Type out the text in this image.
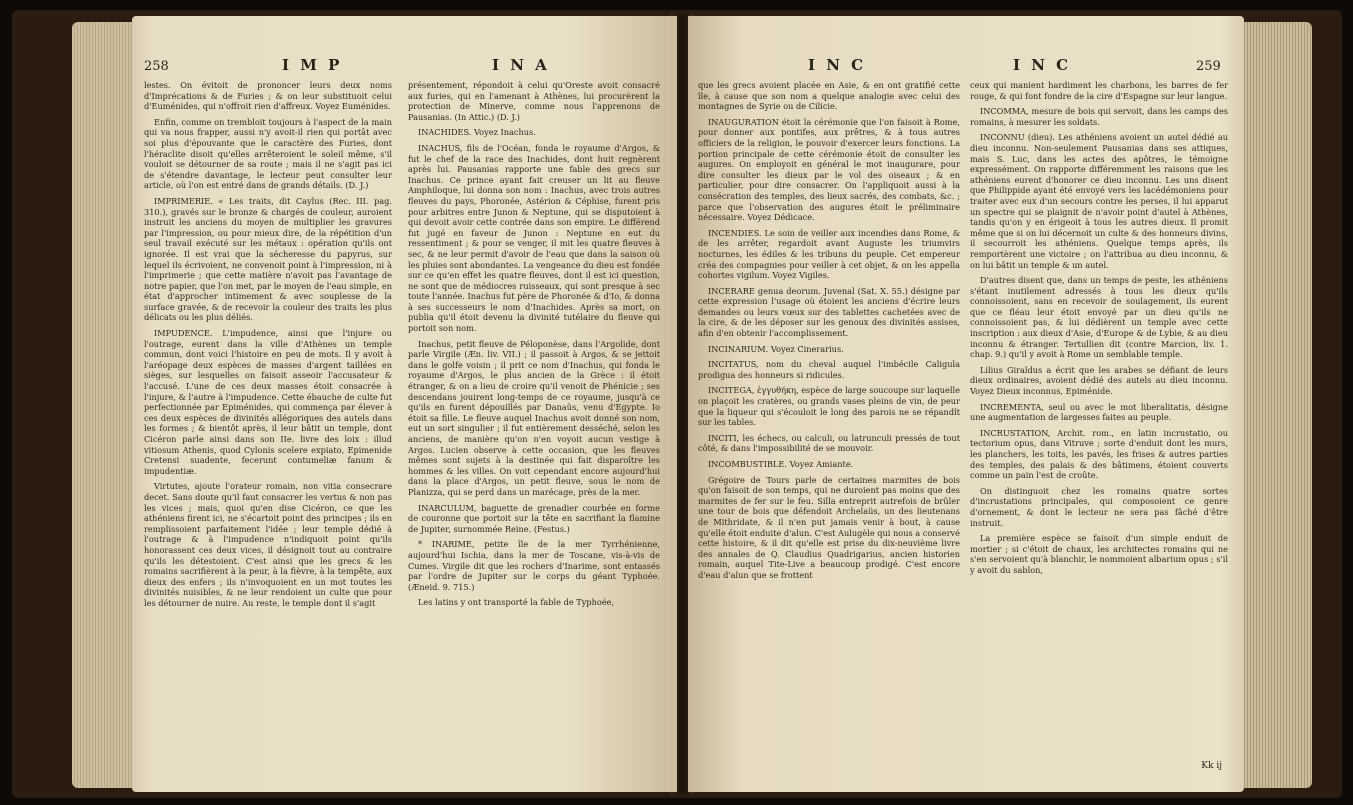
258	I M P	I N A

lestes. On évitoit de prononcer leurs deux noms d'Imprécations & de Furies ; & on leur substituoit celui d'Euménides, qui n'offroit rien d'affreux. Voyez Euménides.

Enfin, comme on trembloit toujours à l'aspect de la main qui va nous frapper, aussi n'y avoit-il rien qui portât avec soi plus d'épouvante que le caractère des Furies, dont l'héraclite disoit qu'elles arrêteroient le soleil même, s'il vouloit se détourner de sa route ; mais il ne s'agit pas ici de s'étendre davantage, le lecteur peut consulter leur article, où l'on est entré dans de grands détails. (D. J.)

IMPRIMERIE. « Les traits, dit Caylus (Rec. III. pag. 310.), gravés sur le bronze & chargés de couleur, auroient instruit les anciens du moyen de multiplier les gravures par l'impression, ou pour mieux dire, de la répétition d'un seul travail exécuté sur les métaux : opération qu'ils ont ignorée. Il est vrai que la sécheresse du papyrus, sur lequel ils écrivoient, ne convenoit point à l'impression, ni à l'imprimerie ; que cette matière n'avoit pas l'avantage de notre papier, que l'on met, par le moyen de l'eau simple, en état d'approcher intimement & avec souplesse de la surface gravée, & de recevoir la couleur des traits les plus délicats ou les plus déliés.

IMPUDENCE. L'impudence, ainsi que l'injure ou l'outrage, eurent dans la ville d'Athènes un temple commun, dont voici l'histoire en peu de mots. Il y avoit à l'aréopage deux espèces de masses d'argent taillées en sièges, sur lesquelles on faisoit asseoir l'accusateur & l'accusé. L'une de ces deux masses étoit consacrée à l'injure, & l'autre à l'impudence. Cette ébauche de culte fut perfectionnée par Epiménides, qui commença par élever à ces deux espèces de divinités allégoriques des autels dans les formes ; & bientôt après, il leur bâtit un temple, dont Cicéron parle ainsi dans son IIe. livre des loix : illud vitiosum Athenis, quod Cylonis scelere expiato, Epimenide Cretensi suadente, fecerunt contumeliæ fanum & impudentiæ.

Virtutes, ajoute l'orateur romain, non vitia consecrare decet. Sans doute qu'il faut consacrer les vertus & non pas les vices ; mais, quoi qu'en dise Cicéron, ce que les athéniens firent ici, ne s'écartoit point des principes ; ils en remplissoient parfaitement l'idée ; leur temple dédié à l'outrage & à l'impudence n'indiquoit point qu'ils honorassent ces deux vices, il désignoit tout au contraire qu'ils les détestoient. C'est ainsi que les grecs & les romains sacrifièrent à la peur, à la fièvre, à la tempête, aux dieux des enfers ; ils n'invoquoient en un mot toutes les divinités nuisibles, & ne leur rendoient un culte que pour les détourner de nuire. Au reste, le temple dont il s'agit

présentement, répondoit à celui qu'Oreste avoit consacré aux furies, qui en l'amenant à Athènes, lui procurèrent la protection de Minerve, comme nous l'apprenons de Pausanias. (In Attic.) (D. J.)

INACHIDES. Voyez Inachus.

INACHUS, fils de l'Océan, fonda le royaume d'Argos, & fut le chef de la race des Inachides, dont huit regnèrent après lui. Pausanias rapporte une fable des grecs sur Inachus. Ce prince ayant fait creuser un lit au fleuve Amphiloque, lui donna son nom : Inachus, avec trois autres fleuves du pays, Phoronée, Astérion & Céphise, furent pris pour arbitres entre Junon & Neptune, qui se disputoient à qui devoit avoir cette contrée dans son empire. Le différend fut jugé en faveur de Junon : Neptune en eut du ressentiment ; & pour se venger, il mit les quatre fleuves à sec, & ne leur permit d'avoir de l'eau que dans la saison où les pluies sont abondantes. La vengeance du dieu est fondée sur ce qu'en effet les quatre fleuves, dont il est ici question, ne sont que de médiocres ruisseaux, qui sont presque à sec toute l'année. Inachus fut père de Phoronée & d'Io, & donna à ses successeurs le nom d'Inachides. Après sa mort, on publia qu'il étoit devenu la divinité tutélaire du fleuve qui portoit son nom.

Inachus, petit fleuve de Péloponèse, dans l'Argolide, dont parle Virgile (Æn. liv. VII.) ; il passoit à Argos, & se jettoit dans le golfe voisin ; il prit ce nom d'Inachus, qui fonda le royaume d'Argos, le plus ancien de la Grèce : il étoit étranger, & on a lieu de croire qu'il venoit de Phénicie ; ses descendans jouirent long-temps de ce royaume, jusqu'à ce qu'ils en furent dépouillés par Danaüs, venu d'Egypte. Io étoit sa fille. Le fleuve auquel Inachus avoit donné son nom, eut un sort singulier ; il fut entièrement desséché, selon les anciens, de manière qu'on n'en voyoit aucun vestige à Argos. Lucien observe à cette occasion, que les fleuves mêmes sont sujets à la destinée qui fait disparoître les hommes & les villes. On voit cependant encore aujourd'hui dans la place d'Argos, un petit fleuve, sous le nom de Planizza, qui se perd dans un marécage, près de la mer.

INARCULUM, baguette de grenadier courbée en forme de couronne que portoit sur la tête en sacrifiant la flamine de Jupiter, surnommée Reine. (Festus.)

* INARIME, petite île de la mer Tyrrhénienne, aujourd'hui Ischia, dans la mer de Toscane, vis-à-vis de Cumes. Virgile dit que les rochers d'Inarime, sont entassés par l'ordre de Jupiter sur le corps du géant Typhoée. (Æneid. 9. 715.)

Les latins y ont transporté la fable de Typhoée,

I N C	I N C	259

que les grecs avoient placée en Asie, & en ont gratifié cette île, à cause que son nom a quelque analogie avec celui des montagnes de Syrie ou de Cilicie.

INAUGURATION étoit la cérémonie que l'on faisoit à Rome, pour donner aux pontifes, aux prêtres, & à tous autres officiers de la religion, le pouvoir d'exercer leurs fonctions. La portion principale de cette cérémonie étoit de consulter les augures. On employoit en général le mot inaugurare, pour dire consulter les dieux par le vol des oiseaux ; & en particulier, pour dire consacrer. On l'appliquoit aussi à la consécration des temples, des lieux sacrés, des combats, &c. ; parce que l'observation des augures étoit le préliminaire nécessaire. Voyez Dédicace.

INCENDIES. Le soin de veiller aux incendies dans Rome, & de les arrêter, regardoit avant Auguste les triumvirs nocturnes, les édiles & les tribuns du peuple. Cet empereur créa des compagnies pour veiller à cet objet, & on les appella cohortes vigilum. Voyez Vigiles.

INCERARE genua deorum. Juvenal (Sat. X. 55.) désigne par cette expression l'usage où étoient les anciens d'écrire leurs demandes ou leurs vœux sur des tablettes cachetées avec de la cire, & de les déposer sur les genoux des divinités assises, afin d'en obtenir l'accomplissement.

INCINARIUM. Voyez Cinerarius.

INCITATUS, nom du cheval auquel l'imbécile Caligula prodigua des honneurs si ridicules.

INCITEGA, ἐγγυθήκη, espèce de large soucoupe sur laquelle on plaçoit les cratères, ou grands vases pleins de vin, de peur que la liqueur qui s'écouloit le long des parois ne se répandît sur les tables.

INCITI, les échecs, ou calculi, ou latrunculi pressés de tout côté, & dans l'impossibilité de se mouvoir.

INCOMBUSTIBLE. Voyez Amiante.

Grégoire de Tours parle de certaines marmites de bois qu'on faisoit de son temps, qui ne duroient pas moins que des marmites de fer sur le feu. Silla entreprit autrefois de brûler une tour de bois que défendoit Archelaüs, un des lieutenans de Mithridate, & il n'en put jamais venir à bout, à cause qu'elle étoit enduite d'alun. C'est Aulugèle qui nous a conservé cette histoire, & il dit qu'elle est prise du dix-neuvième livre des annales de Q. Claudius Quadrigarius, ancien historien romain, auquel Tite-Live a beaucoup prodigé. C'est encore d'eau d'alun que se frottent

ceux qui manient hardiment les charbons, les barres de fer rouge, & qui font fondre de la cire d'Espagne sur leur langue.

INCOMMA, mesure de bois qui servoit, dans les camps des romains, à mesurer les soldats.

INCONNU (dieu). Les athéniens avoient un autel dédié au dieu inconnu. Non-seulement Pausanias dans ses attiques, mais S. Luc, dans les actes des apôtres, le témoigne expressément. On rapporte différemment les raisons que les athéniens eurent d'honorer ce dieu inconnu. Les uns disent que Philippide ayant été envoyé vers les lacédémoniens pour traiter avec eux d'un secours contre les perses, il lui apparut un spectre qui se plaignit de n'avoir point d'autel à Athènes, tandis qu'on y en érigeoit à tous les autres dieux. Il promit même que si on lui décernoit un culte & des honneurs divins, il secourroit les athéniens. Quelque temps après, ils remportèrent une victoire ; on l'attribua au dieu inconnu, & on lui bâtit un temple & un autel.

D'autres disent que, dans un temps de peste, les athéniens s'étant inutilement adressés à tous les dieux qu'ils connoissoient, sans en recevoir de soulagement, ils eurent que ce fléau leur étoit envoyé par un dieu qu'ils ne connoissoient pas, & lui dédièrent un temple avec cette inscription : aux dieux d'Asie, d'Europe & de Lybie, & au dieu inconnu & étranger. Tertullien dit (contre Marcion, liv. 1. chap. 9.) qu'il y avoit à Rome un semblable temple.

Lilius Giraldus a écrit que les arabes se défiant de leurs dieux ordinaires, avoient dédié des autels au dieu inconnu. Voyez Dieux inconnus, Epiménide.

INCREMENTA, seul ou avec le mot liberalitatis, désigne une augmentation de largesses faites au peuple.

INCRUSTATION, Archit. rom., en latin incrustatio, ou tectorium opus, dans Vitruve ; sorte d'enduit dont les murs, les planchers, les toits, les pavés, les frises & autres parties des temples, des palais & des bâtimens, étoient couverts comme un pain l'est de croûte.

On distinguoit chez les romains quatre sortes d'incrustations principales, qui composoient ce genre d'ornement, & dont le lecteur ne sera pas fâché d'être instruit.

La première espèce se faisoit d'un simple enduit de mortier ; si c'étoit de chaux, les architectes romains qui ne s'en servoient qu'à blanchir, le nommoient albarium opus ; s'il y avoit du sablon,

Kk ij
